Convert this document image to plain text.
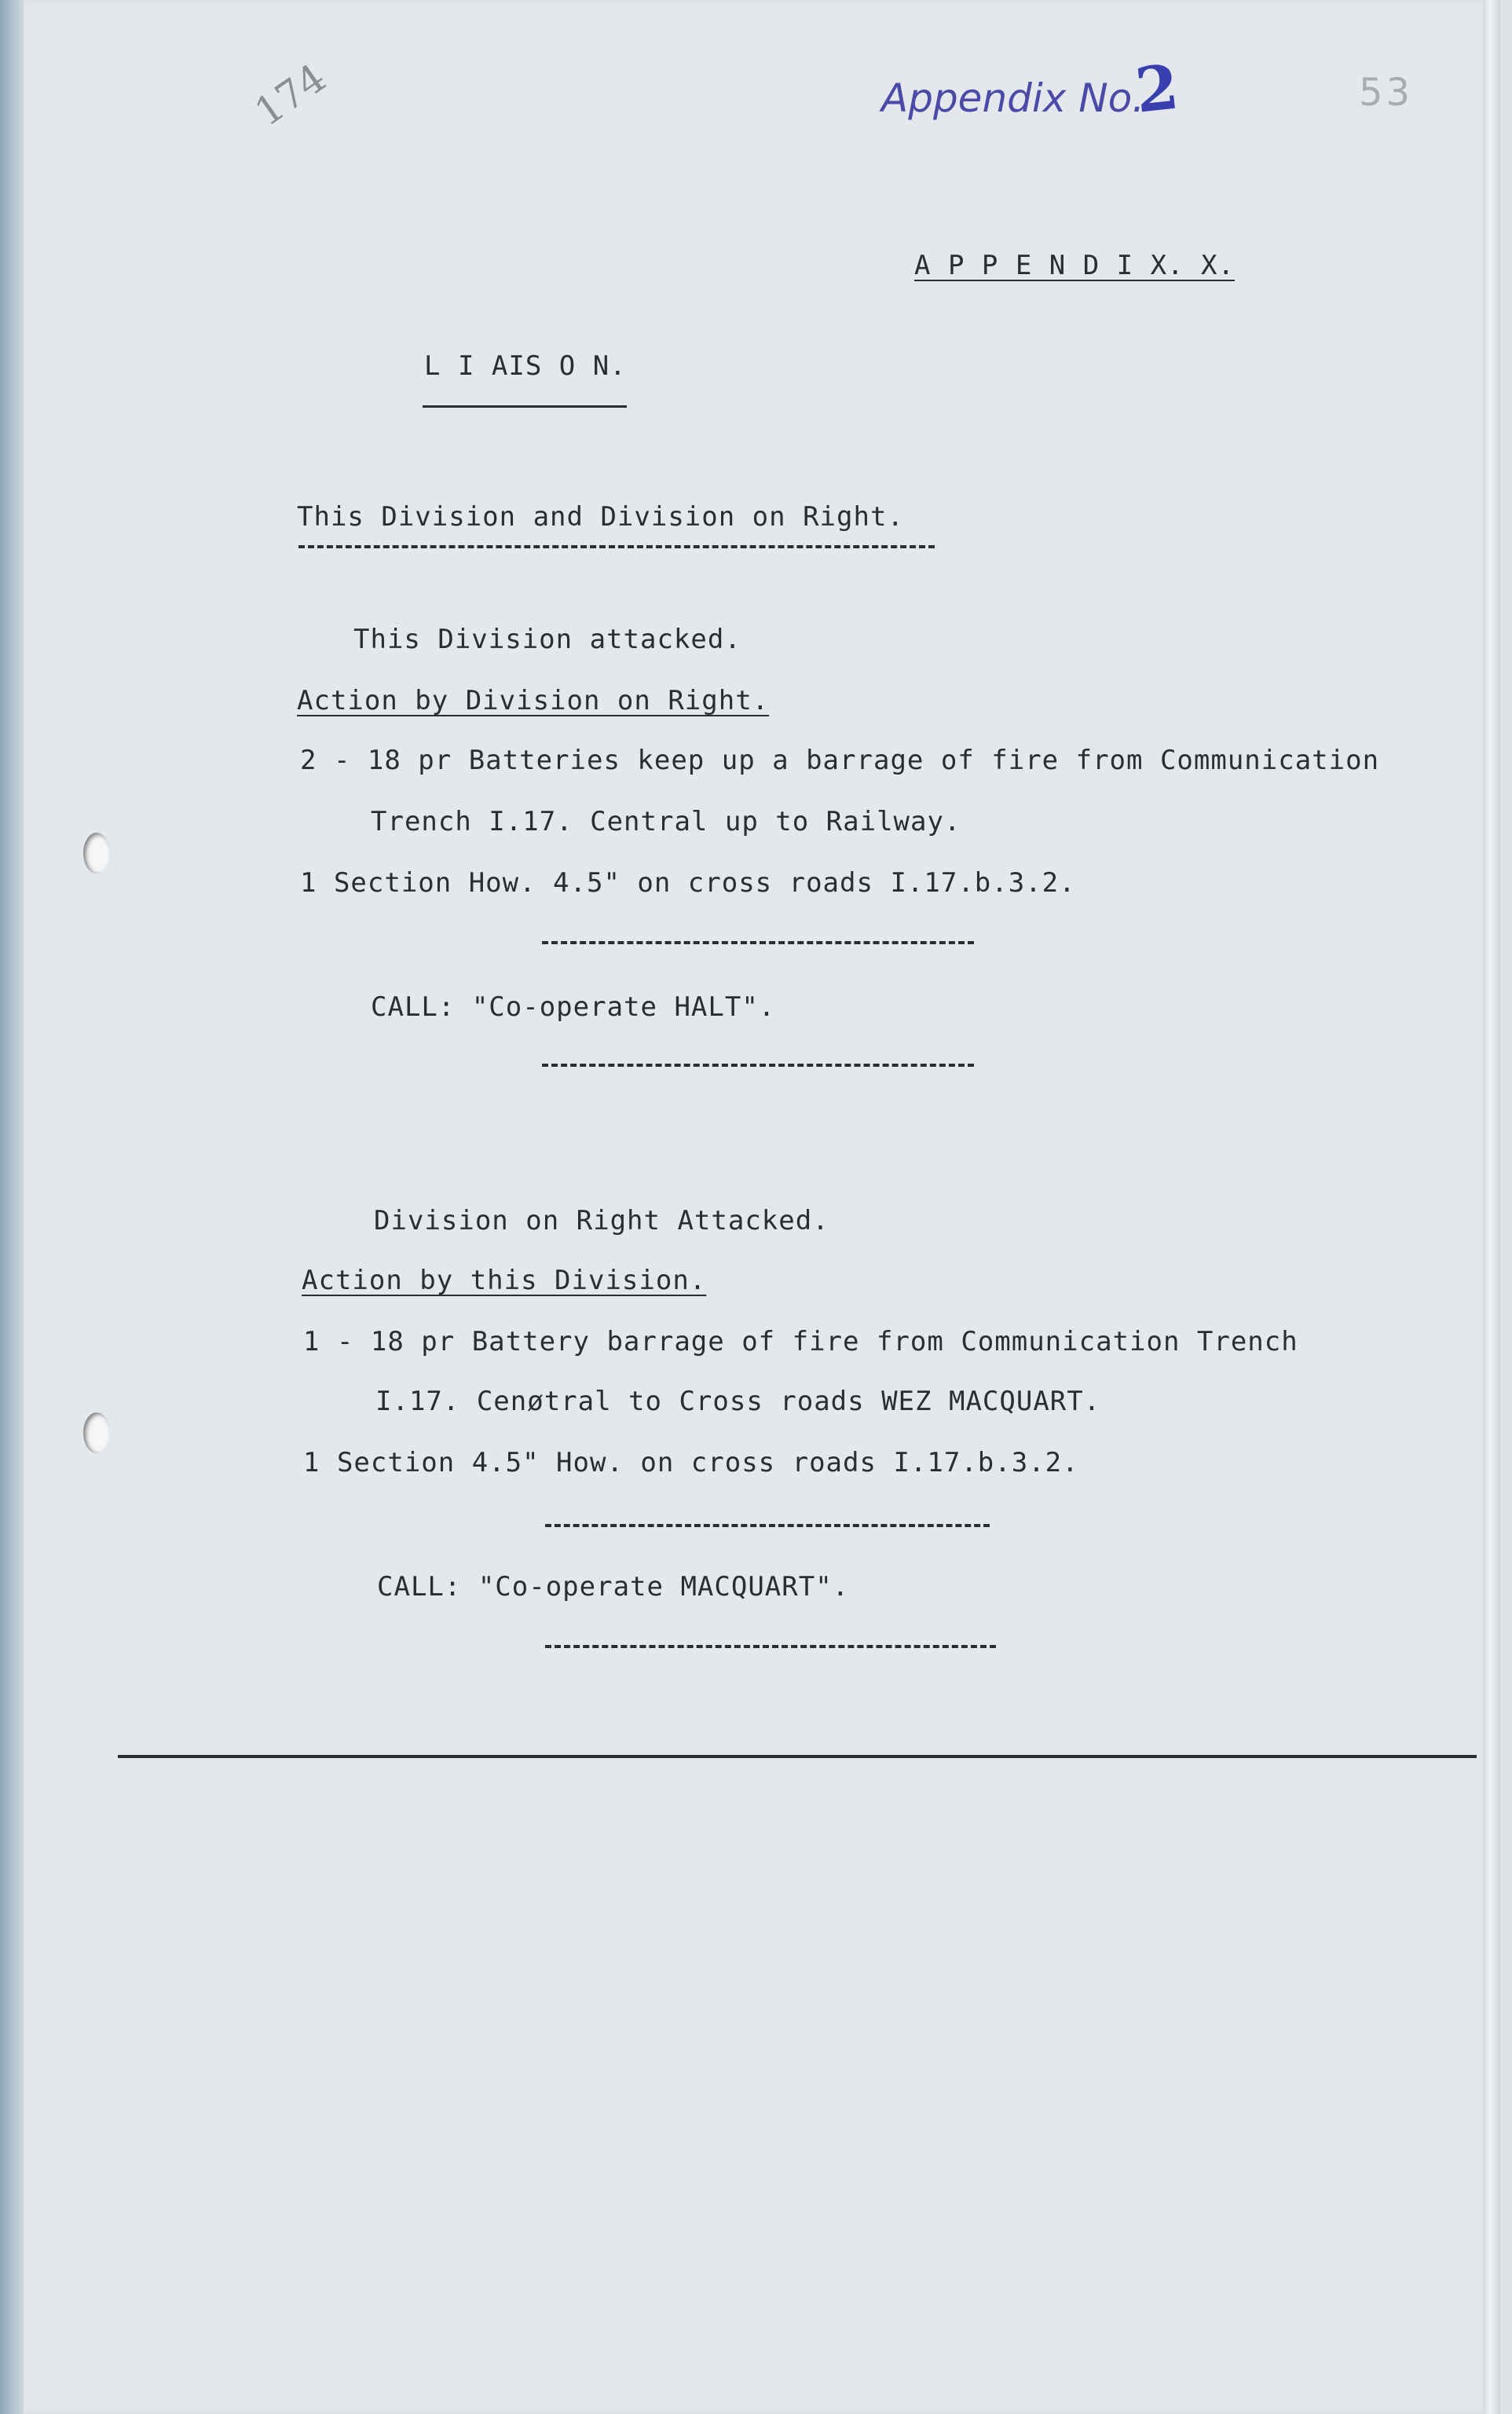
174	Appendix No.
2	53
A P P E N D I X. X.
L I AIS O N.
This Division and Division on Right.
This Division attacked.
Action by Division on Right.
2 - 18 pr Batteries keep up a barrage of fire from Communication
Trench I.17. Central up to Railway.
1 Section How. 4.5" on cross roads I.17.b.3.2.
CALL: "Co-operate HALT".
Division on Right Attacked.
Action by this Division.
1 - 18 pr Battery barrage of fire from Communication Trench
I.17. Cenøtral to Cross roads WEZ MACQUART.
1 Section 4.5" How. on cross roads I.17.b.3.2.
CALL: "Co-operate MACQUART".
